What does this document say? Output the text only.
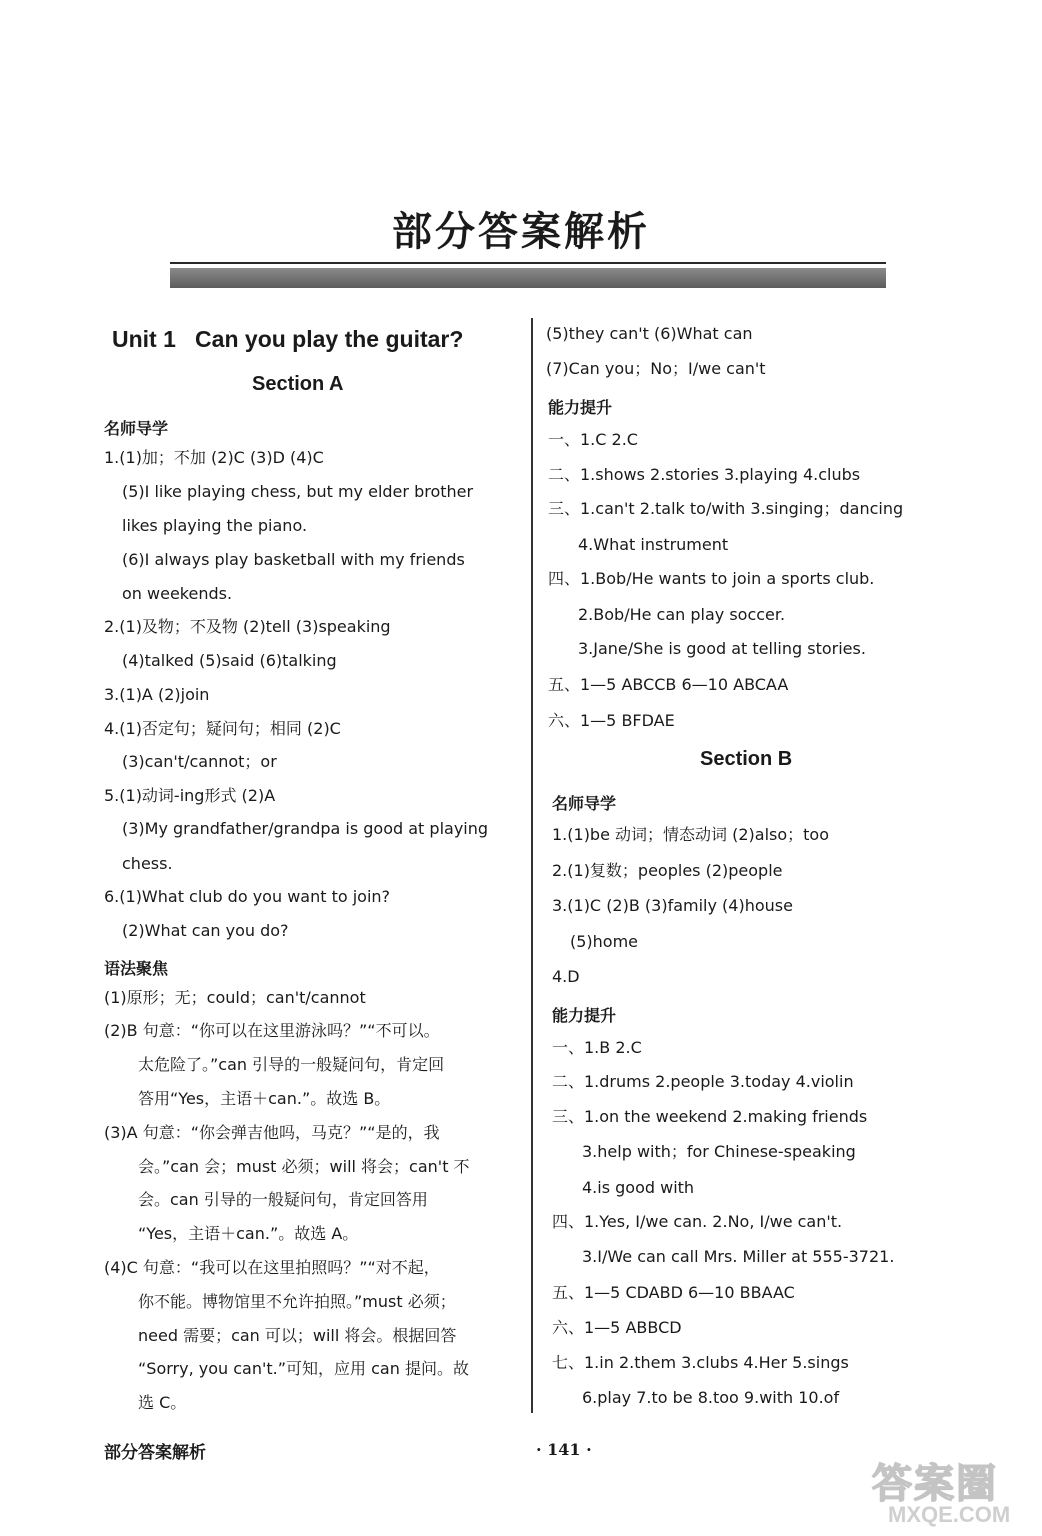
部分答案解析
Unit 1   Can you play the guitar?
Section A
名师导学
1.(1)加；不加 (2)C (3)D (4)C
(5)I like playing chess, but my elder brother
likes playing the piano.
(6)I always play basketball with my friends
on weekends.
2.(1)及物；不及物 (2)tell (3)speaking
(4)talked (5)said (6)talking
3.(1)A (2)join
4.(1)否定句；疑问句；相同 (2)C
(3)can't/cannot；or
5.(1)动词-ing形式 (2)A
(3)My grandfather/grandpa is good at playing
chess.
6.(1)What club do you want to join?
(2)What can you do?
语法聚焦
(1)原形；无；could；can't/cannot
(2)B 句意：“你可以在这里游泳吗？”“不可以。
太危险了。”can 引导的一般疑问句，肯定回
答用“Yes，主语＋can.”。故选 B。
(3)A 句意：“你会弹吉他吗，马克？”“是的，我
会。”can 会；must 必须；will 将会；can't 不
会。can 引导的一般疑问句，肯定回答用
“Yes，主语＋can.”。故选 A。
(4)C 句意：“我可以在这里拍照吗？”“对不起，
你不能。博物馆里不允许拍照。”must 必须；
need 需要；can 可以；will 将会。根据回答
“Sorry, you can't.”可知，应用 can 提问。故
选 C。
(5)they can't (6)What can
(7)Can you；No；I/we can't
能力提升
一、1.C 2.C
二、1.shows 2.stories 3.playing 4.clubs
三、1.can't 2.talk to/with 3.singing；dancing
4.What instrument
四、1.Bob/He wants to join a sports club.
2.Bob/He can play soccer.
3.Jane/She is good at telling stories.
五、1—5 ABCCB 6—10 ABCAA
六、1—5 BFDAE
Section B
名师导学
1.(1)be 动词；情态动词 (2)also；too
2.(1)复数；peoples (2)people
3.(1)C (2)B (3)family (4)house
(5)home
4.D
能力提升
一、1.B 2.C
二、1.drums 2.people 3.today 4.violin
三、1.on the weekend 2.making friends
3.help with；for Chinese-speaking
4.is good with
四、1.Yes, I/we can. 2.No, I/we can't.
3.I/We can call Mrs. Miller at 555-3721.
五、1—5 CDABD 6—10 BBAAC
六、1—5 ABBCD
七、1.in 2.them 3.clubs 4.Her 5.sings
6.play 7.to be 8.too 9.with 10.of
部分答案解析	· 141 ·
答案圈
MXQE.COM
